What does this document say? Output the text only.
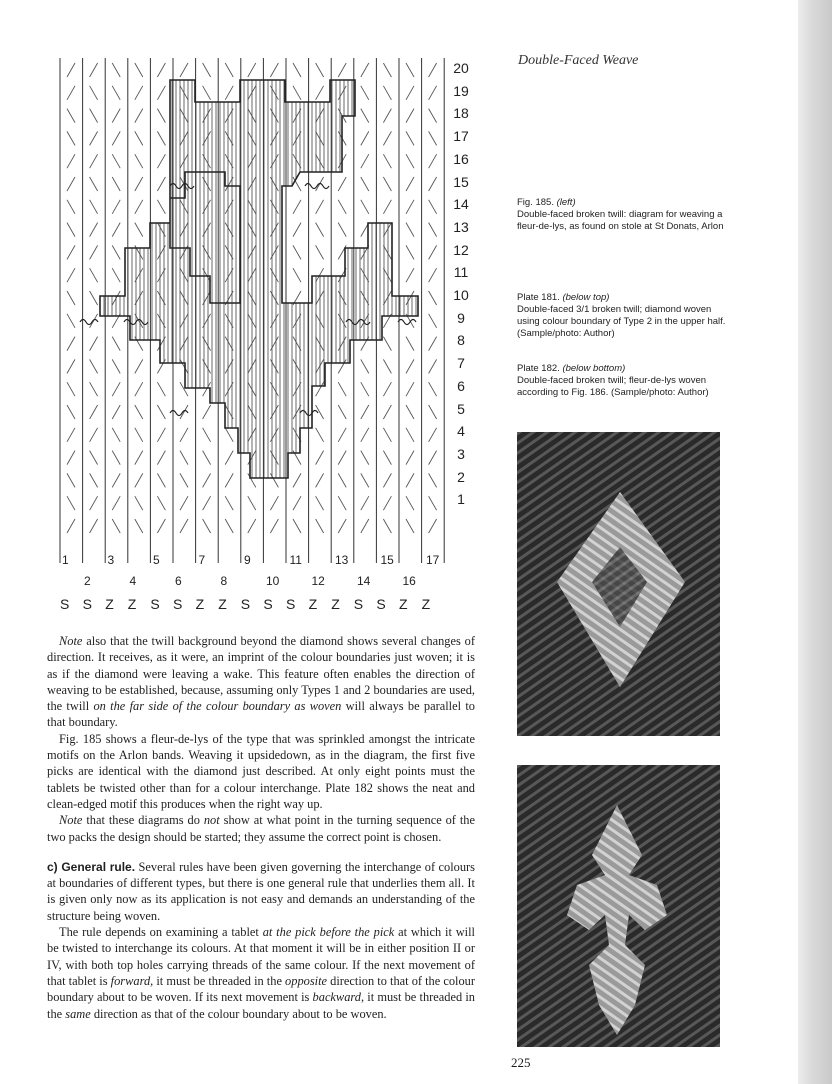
Double-Faced Weave
20
19
18
17
16
15
14
13
12
11
10
9
8
7
6
5
4
3
2
1
1	3	5	7	9	11	13	15	17
2	4	6	8	10	12	14	16
S S Z Z S S Z Z S S S Z Z S S Z Z
Fig. 185. (left)
Double-faced broken twill: diagram for weaving a fleur-de-lys, as found on stole at St Donats, Arlon
Plate 181. (below top)
Double-faced 3/1 broken twill; diamond woven using colour boundary of Type 2 in the upper half. (Sample/photo: Author)
Plate 182. (below bottom)
Double-faced broken twill; fleur-de-lys woven according to Fig. 186. (Sample/photo: Author)

Note also that the twill background beyond the diamond shows several changes of direction. It receives, as it were, an imprint of the colour boundaries just woven; it is as if the diamond were leaving a wake. This feature often enables the direction of weaving to be established, because, assuming only Types 1 and 2 boundaries are used, the twill on the far side of the colour boundary as woven will always be parallel to that boundary.

Fig. 185 shows a fleur-de-lys of the type that was sprinkled amongst the intricate motifs on the Arlon bands. Weaving it upsidedown, as in the diagram, the first five picks are identical with the diamond just described. At only eight points must the tablets be twisted other than for a colour interchange. Plate 182 shows the neat and clean-edged motif this produces when the right way up.

Note that these diagrams do not show at what point in the turning sequence of the two packs the design should be started; they assume the correct point is chosen.

c) General rule. Several rules have been given governing the interchange of colours at boundaries of different types, but there is one general rule that underlies them all. It is given only now as its application is not easy and demands an understanding of the structure being woven.

The rule depends on examining a tablet at the pick before the pick at which it will be twisted to interchange its colours. At that moment it will be in either position II or IV, with both top holes carrying threads of the same colour. If the next movement of that tablet is forward, it must be threaded in the opposite direction to that of the colour boundary about to be woven. If its next movement is backward, it must be threaded in the same direction as that of the colour boundary about to be woven.

225
